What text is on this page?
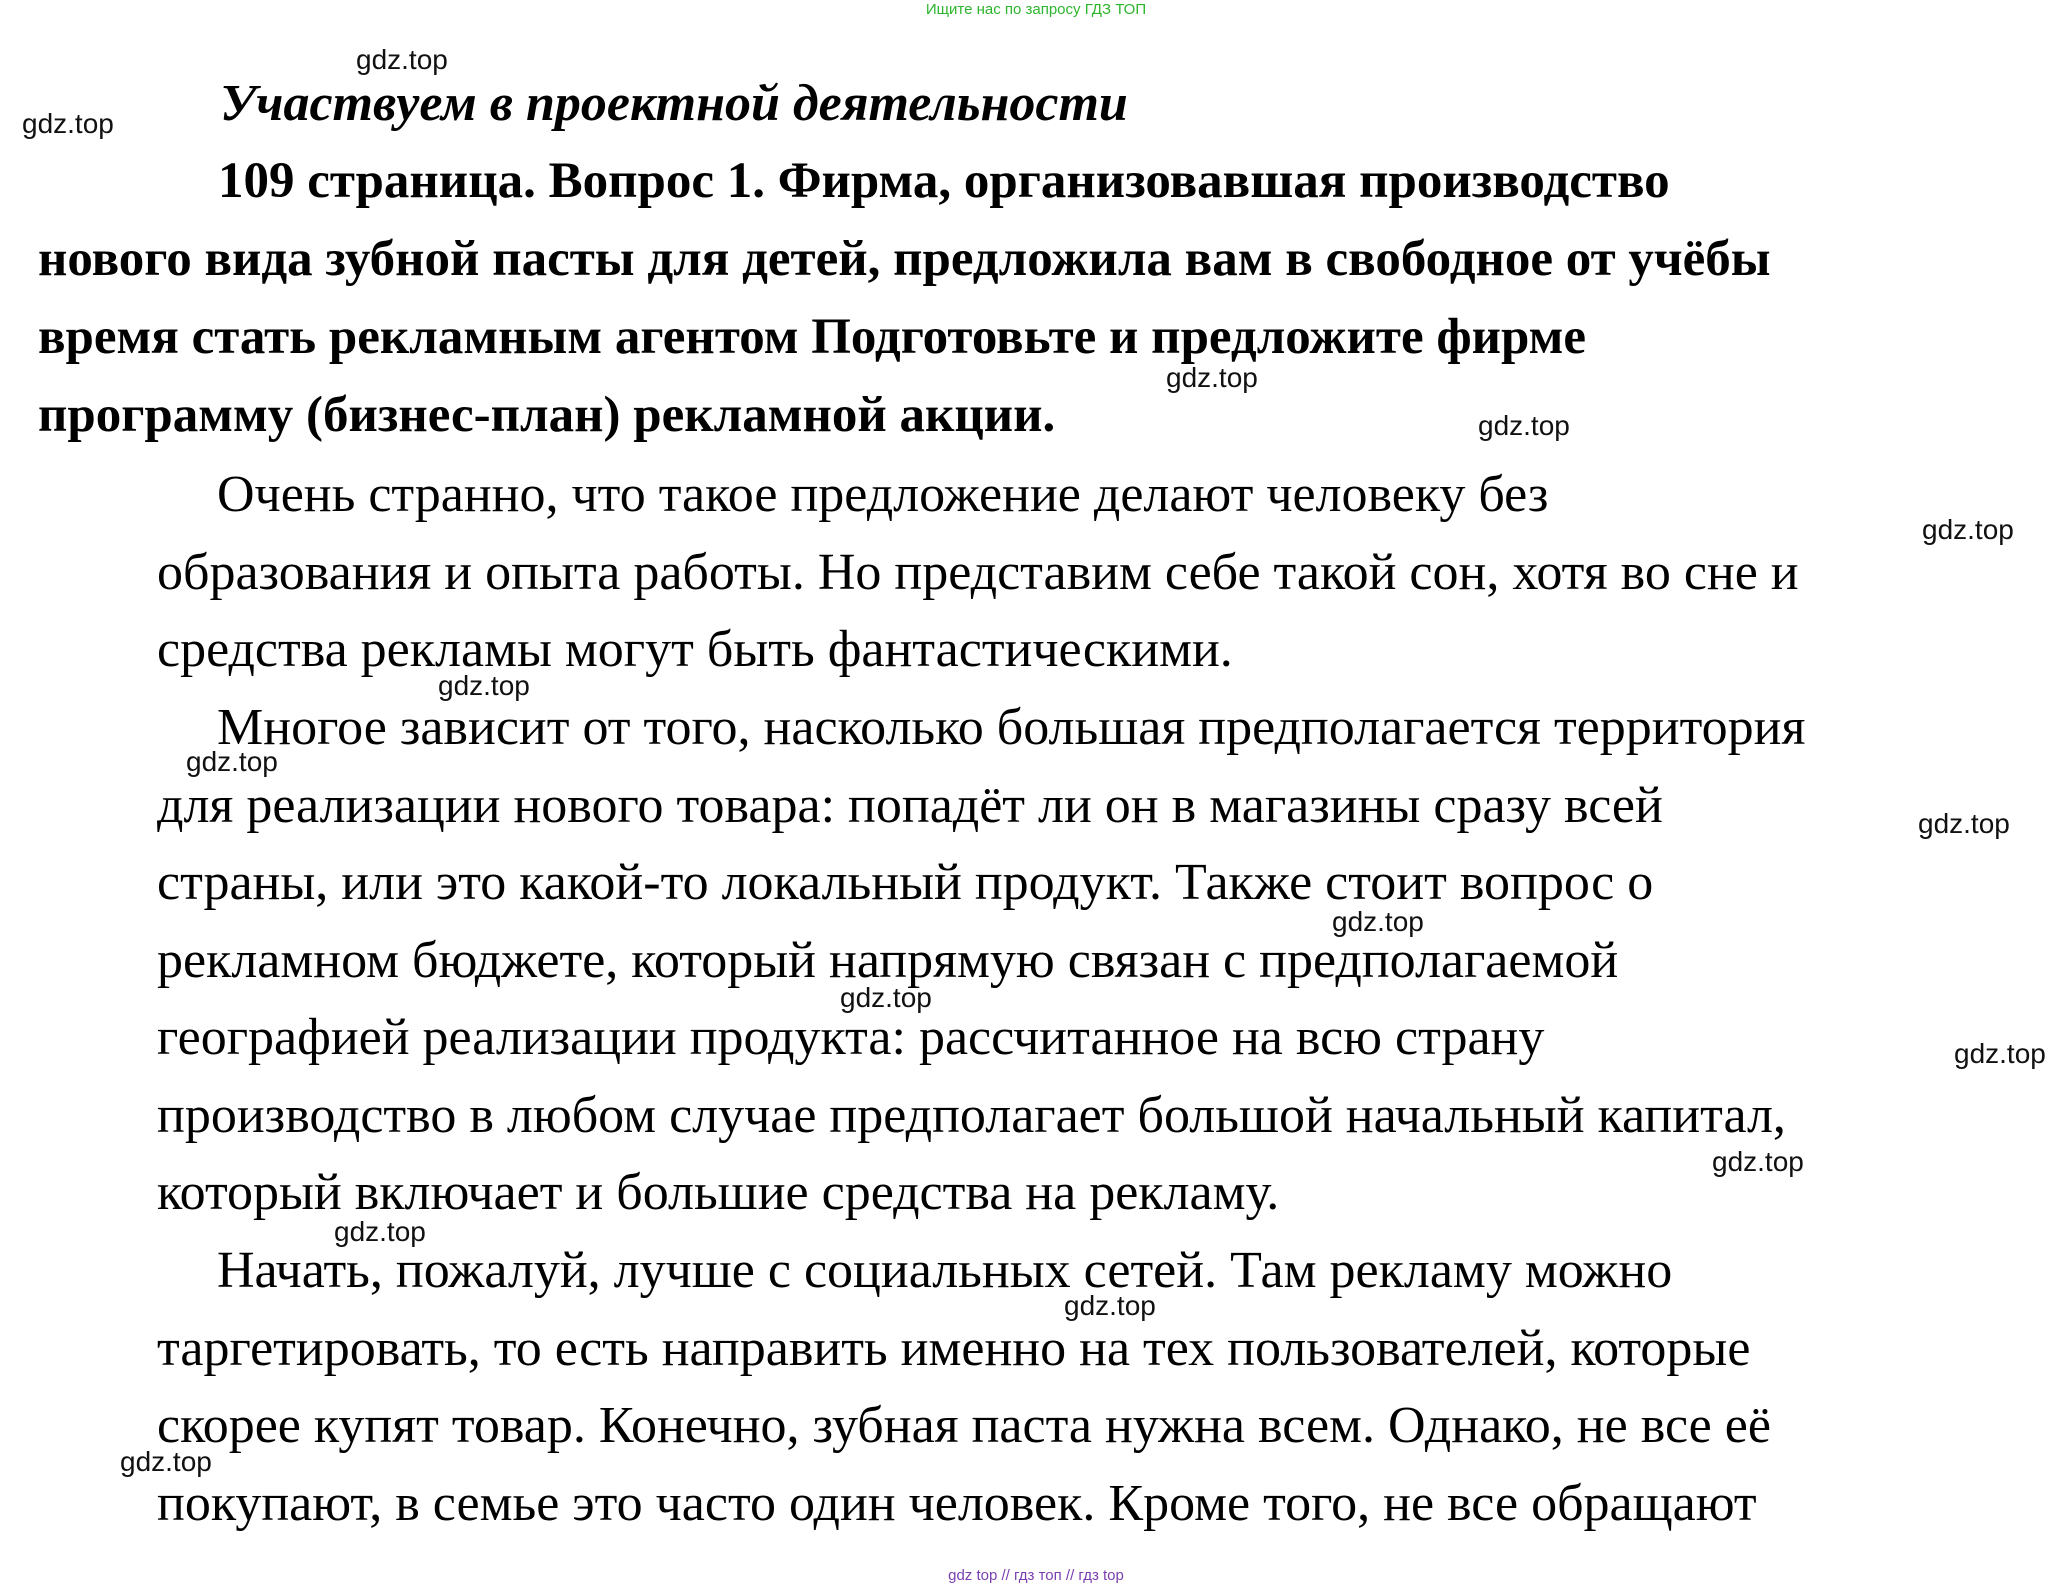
Ищите нас по запросу ГДЗ ТОП
Участвуем в проектной деятельности
109 страница. Вопрос 1. Фирма, организовавшая производство
нового вида зубной пасты для детей, предложила вам в свободное от учёбы
время стать рекламным агентом Подготовьте и предложите фирме
программу (бизнес-план) рекламной акции.
Очень странно, что такое предложение делают человеку без
образования и опыта работы. Но представим себе такой сон, хотя во сне и
средства рекламы могут быть фантастическими.
Многое зависит от того, насколько большая предполагается территория
для реализации нового товара: попадёт ли он в магазины сразу всей
страны, или это какой-то локальный продукт. Также стоит вопрос о
рекламном бюджете, который напрямую связан с предполагаемой
географией реализации продукта: рассчитанное на всю страну
производство в любом случае предполагает большой начальный капитал,
который включает и большие средства на рекламу.
Начать, пожалуй, лучше с социальных сетей. Там рекламу можно
таргетировать, то есть направить именно на тех пользователей, которые
скорее купят товар. Конечно, зубная паста нужна всем. Однако, не все её
покупают, в семье это часто один человек. Кроме того, не все обращают
gdz.top
gdz.top
gdz.top
gdz.top
gdz.top
gdz.top
gdz.top
gdz.top
gdz.top
gdz.top
gdz.top
gdz.top
gdz.top
gdz.top
gdz.top
gdz top // гдз топ // гдз top
